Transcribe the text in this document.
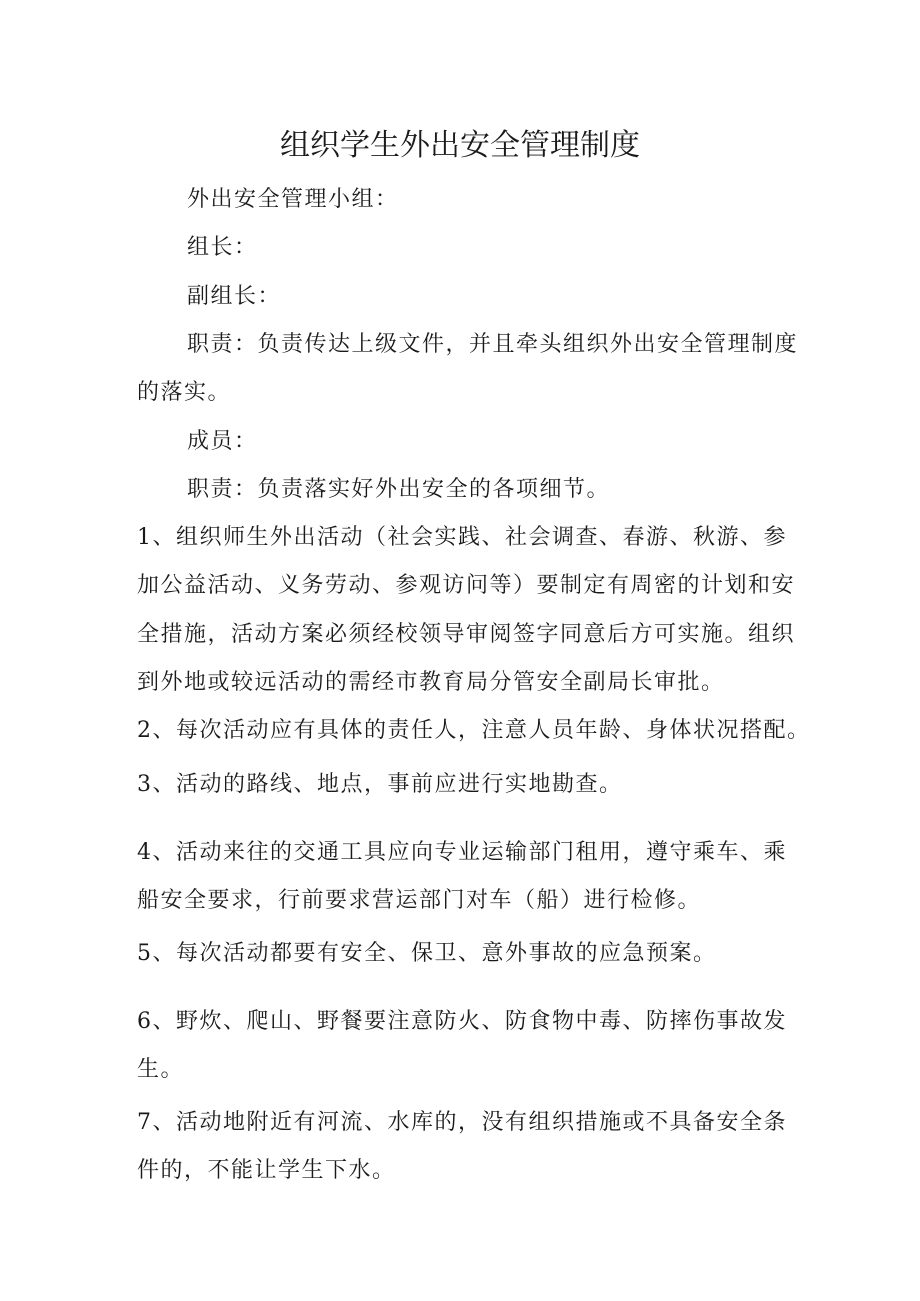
组织学生外出安全管理制度

外出安全管理小组：

组长：

副组长：

职责：负责传达上级文件，并且牵头组织外出安全管理制度

的落实。

成员：

职责：负责落实好外出安全的各项细节。

1、组织师生外出活动（社会实践、社会调查、春游、秋游、参

加公益活动、义务劳动、参观访问等）要制定有周密的计划和安

全措施，活动方案必须经校领导审阅签字同意后方可实施。组织

到外地或较远活动的需经市教育局分管安全副局长审批。

2、每次活动应有具体的责任人，注意人员年龄、身体状况搭配。

3、活动的路线、地点，事前应进行实地勘查。

4、活动来往的交通工具应向专业运输部门租用，遵守乘车、乘

船安全要求，行前要求营运部门对车（船）进行检修。

5、每次活动都要有安全、保卫、意外事故的应急预案。

6、野炊、爬山、野餐要注意防火、防食物中毒、防摔伤事故发

生。

7、活动地附近有河流、水库的，没有组织措施或不具备安全条

件的，不能让学生下水。
